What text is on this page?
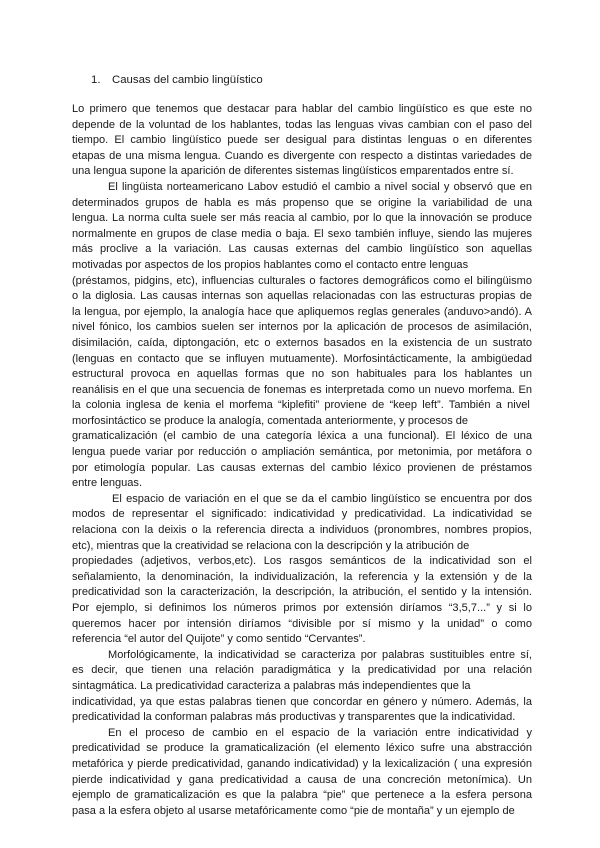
1. Causas del cambio lingüístico
Lo primero que tenemos que destacar para hablar del cambio lingüístico es que este no
depende de la voluntad de los hablantes, todas las lenguas vivas cambian con el paso del
tiempo. El cambio lingüístico puede ser desigual para distintas lenguas o en diferentes
etapas de una misma lengua. Cuando es divergente con respecto a distintas variedades de
una lengua supone la aparición de diferentes sistemas lingüísticos emparentados entre sí.
El lingüista norteamericano Labov estudió el cambio a nivel social y observó que en
determinados grupos de habla es más propenso que se origine la variabilidad de una
lengua. La norma culta suele ser más reacia al cambio, por lo que la innovación se produce
normalmente en grupos de clase media o baja. El sexo también influye, siendo las mujeres
más proclive a la variación. Las causas externas del cambio lingüístico son aquellas
motivadas por aspectos de los propios hablantes como el contacto entre lenguas
(préstamos, pidgins, etc), influencias culturales o factores demográficos como el bilingüismo
o la diglosia. Las causas internas son aquellas relacionadas con las estructuras propias de
la lengua, por ejemplo, la analogía hace que apliquemos reglas generales (anduvo>andó). A
nivel fónico, los cambios suelen ser internos por la aplicación de procesos de asimilación,
disimilación, caída, diptongación, etc o externos basados en la existencia de un sustrato
(lenguas en contacto que se influyen mutuamente). Morfosintácticamente, la ambigüedad
estructural provoca en aquellas formas que no son habituales para los hablantes un
reanálisis en el que una secuencia de fonemas es interpretada como un nuevo morfema. En
la colonia inglesa de kenia el morfema “kiplefiti” proviene de “keep left”. También a nivel
morfosintáctico se produce la analogía, comentada anteriormente, y procesos de
gramaticalización (el cambio de una categoría léxica a una funcional). El léxico de una
lengua puede variar por reducción o ampliación semántica, por metonimia, por metáfora o
por etimología popular. Las causas externas del cambio léxico provienen de préstamos
entre lenguas.
El espacio de variación en el que se da el cambio lingüístico se encuentra por dos
modos de representar el significado: indicatividad y predicatividad. La indicatividad se
relaciona con la deixis o la referencia directa a individuos (pronombres, nombres propios,
etc), mientras que la creatividad se relaciona con la descripción y la atribución de
propiedades (adjetivos, verbos,etc). Los rasgos semánticos de la indicatividad son el
señalamiento, la denominación, la individualización, la referencia y la extensión y de la
predicatividad son la caracterización, la descripción, la atribución, el sentido y la intensión.
Por ejemplo, si definimos los números primos por extensión diríamos “3,5,7...” y si lo
queremos hacer por intensión diríamos “divisible por sí mismo y la unidad” o como
referencia “el autor del Quijote” y como sentido “Cervantes”.
Morfológicamente, la indicatividad se caracteriza por palabras sustituibles entre sí,
es decir, que tienen una relación paradigmática y la predicatividad por una relación
sintagmática. La predicatividad caracteriza a palabras más independientes que la
indicatividad, ya que estas palabras tienen que concordar en género y número. Además, la
predicatividad la conforman palabras más productivas y transparentes que la indicatividad.
En el proceso de cambio en el espacio de la variación entre indicatividad y
predicatividad se produce la gramaticalización (el elemento léxico sufre una abstracción
metafórica y pierde predicatividad, ganando indicatividad) y la lexicalización ( una expresión
pierde indicatividad y gana predicatividad a causa de una concreción metonímica). Un
ejemplo de gramaticalización es que la palabra “pie” que pertenece a la esfera persona
pasa a la esfera objeto al usarse metafóricamente como “pie de montaña” y un ejemplo de
